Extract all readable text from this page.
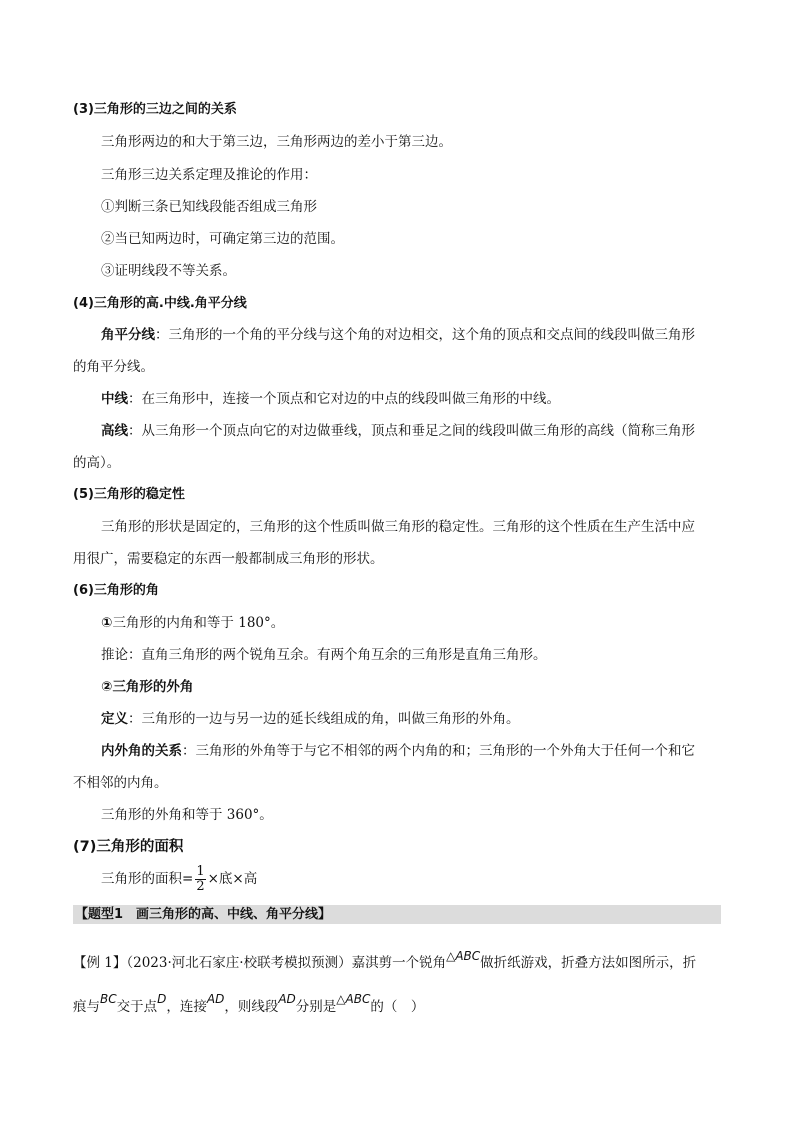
(3)三角形的三边之间的关系
三角形两边的和大于第三边，三角形两边的差小于第三边。
三角形三边关系定理及推论的作用：
①判断三条已知线段能否组成三角形
②当已知两边时，可确定第三边的范围。
③证明线段不等关系。
(4)三角形的高.中线.角平分线
角平分线：三角形的一个角的平分线与这个角的对边相交，这个角的顶点和交点间的线段叫做三角形
的角平分线。
中线：在三角形中，连接一个顶点和它对边的中点的线段叫做三角形的中线。
高线：从三角形一个顶点向它的对边做垂线，顶点和垂足之间的线段叫做三角形的高线（简称三角形
的高）。
(5)三角形的稳定性
三角形的形状是固定的，三角形的这个性质叫做三角形的稳定性。三角形的这个性质在生产生活中应
用很广，需要稳定的东西一般都制成三角形的形状。
(6)三角形的角
①三角形的内角和等于 180°。
推论：直角三角形的两个锐角互余。有两个角互余的三角形是直角三角形。
②三角形的外角
定义：三角形的一边与另一边的延长线组成的角，叫做三角形的外角。
内外角的关系：三角形的外角等于与它不相邻的两个内角的和；三角形的一个外角大于任何一个和它
不相邻的内角。
三角形的外角和等于 360°。
(7)三角形的面积
三角形的面积= $\frac{1}{2}$ ×底×高
【题型1　画三角形的高、中线、角平分线】
【例 1】（2023·河北石家庄·校联考模拟预测）嘉淇剪一个锐角△ABC做折纸游戏，折叠方法如图所示，折
痕与BC交于点D，连接AD，则线段AD分别是△ABC的（　）
